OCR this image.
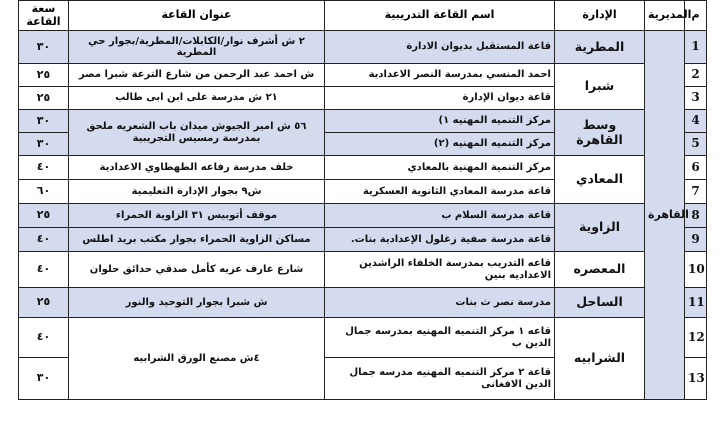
سعة القاعة	عنوان القاعة	اسم القاعة التدريبية	الإدارة	المديرية	م
٣٠	٢ ش أشرف نوار/الكابلات/المطرية/بجوار حي المطرية	قاعة المستقبل بديوان الادارة	المطرية	القاهرة	1
٢٥	ش احمد عبد الرحمن من شارع الترعة شبرا مصر	احمد المنسي بمدرسة النصر الاعدادية	شبرا		2
٢٥	٢١ ش مدرسة على ابن ابى طالب	قاعة ديوان الإدارة			3
٣٠	٥٦ ش امير الجيوش ميدان باب الشعريه ملحق بمدرسة رمسيس التجريبية	مركز التنميه المهنيه ١)	وسط القاهرة		4
٣٠		مركز التنميه المهنيه (٢)			5
٤٠	خلف مدرسة رفاعه الطهطاوي الاعدادية	مركز التنمية المهنية بالمعادي	المعادي		6
٦٠	ش٩ بجوار الإدارة التعليمية	قاعة مدرسة المعادي الثانوية العسكرية			7
٢٥	موقف أتوبيس ٣١ الزاوية الحمراء	قاعة مدرسة السلام ب	الزاوية		8
٤٠	مساكن الزاوية الحمراء بجوار مكتب بريد اطلس	قاعة مدرسة صفية زغلول الإعدادية بنات.			9
٤٠	شارع عارف عزيه كأمل صدقي حدائق حلوان	قاعه التدريب بمدرسة الخلفاء الراشدين الاعداديه بنين	المعصره		10
٢٥	ش شبرا بجوار التوحيد والنور	مدرسة نصر ث بنات	الساحل		11
٤٠	٤ش مصنع الورق الشرابيه	قاعه ١ مركز التنميه المهنيه بمدرسه جمال الدين ب	الشرابيه		12
٣٠		قاعة ٢ مركز التنميه المهنيه مدرسه جمال الدين الافغانى			13
